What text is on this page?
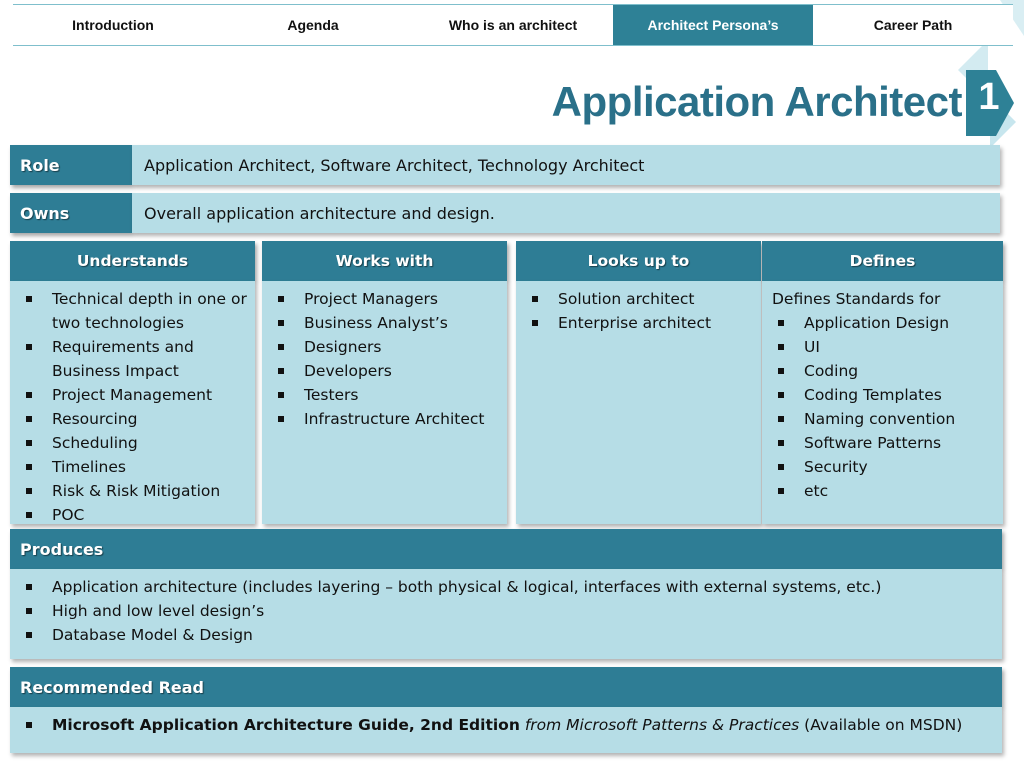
Introduction	Agenda	Who is an architect	Architect Persona’s	Career Path
Application Architect 1
Role	Application Architect, Software Architect, Technology Architect
Owns	Overall application architecture and design.
Understands
Technical depth in one or two technologies
Requirements and Business Impact
Project Management
Resourcing
Scheduling
Timelines
Risk & Risk Mitigation
POC
Works with
Project Managers
Business Analyst’s
Designers
Developers
Testers
Infrastructure Architect
Looks up to
Solution architect
Enterprise architect
Defines
Defines Standards for
Application Design
UI
Coding
Coding Templates
Naming convention
Software Patterns
Security
etc
Produces
Application architecture (includes layering – both physical & logical, interfaces with external systems, etc.)
High and low level design’s
Database Model & Design
Recommended Read
Microsoft Application Architecture Guide, 2nd Edition from Microsoft Patterns & Practices (Available on MSDN)
